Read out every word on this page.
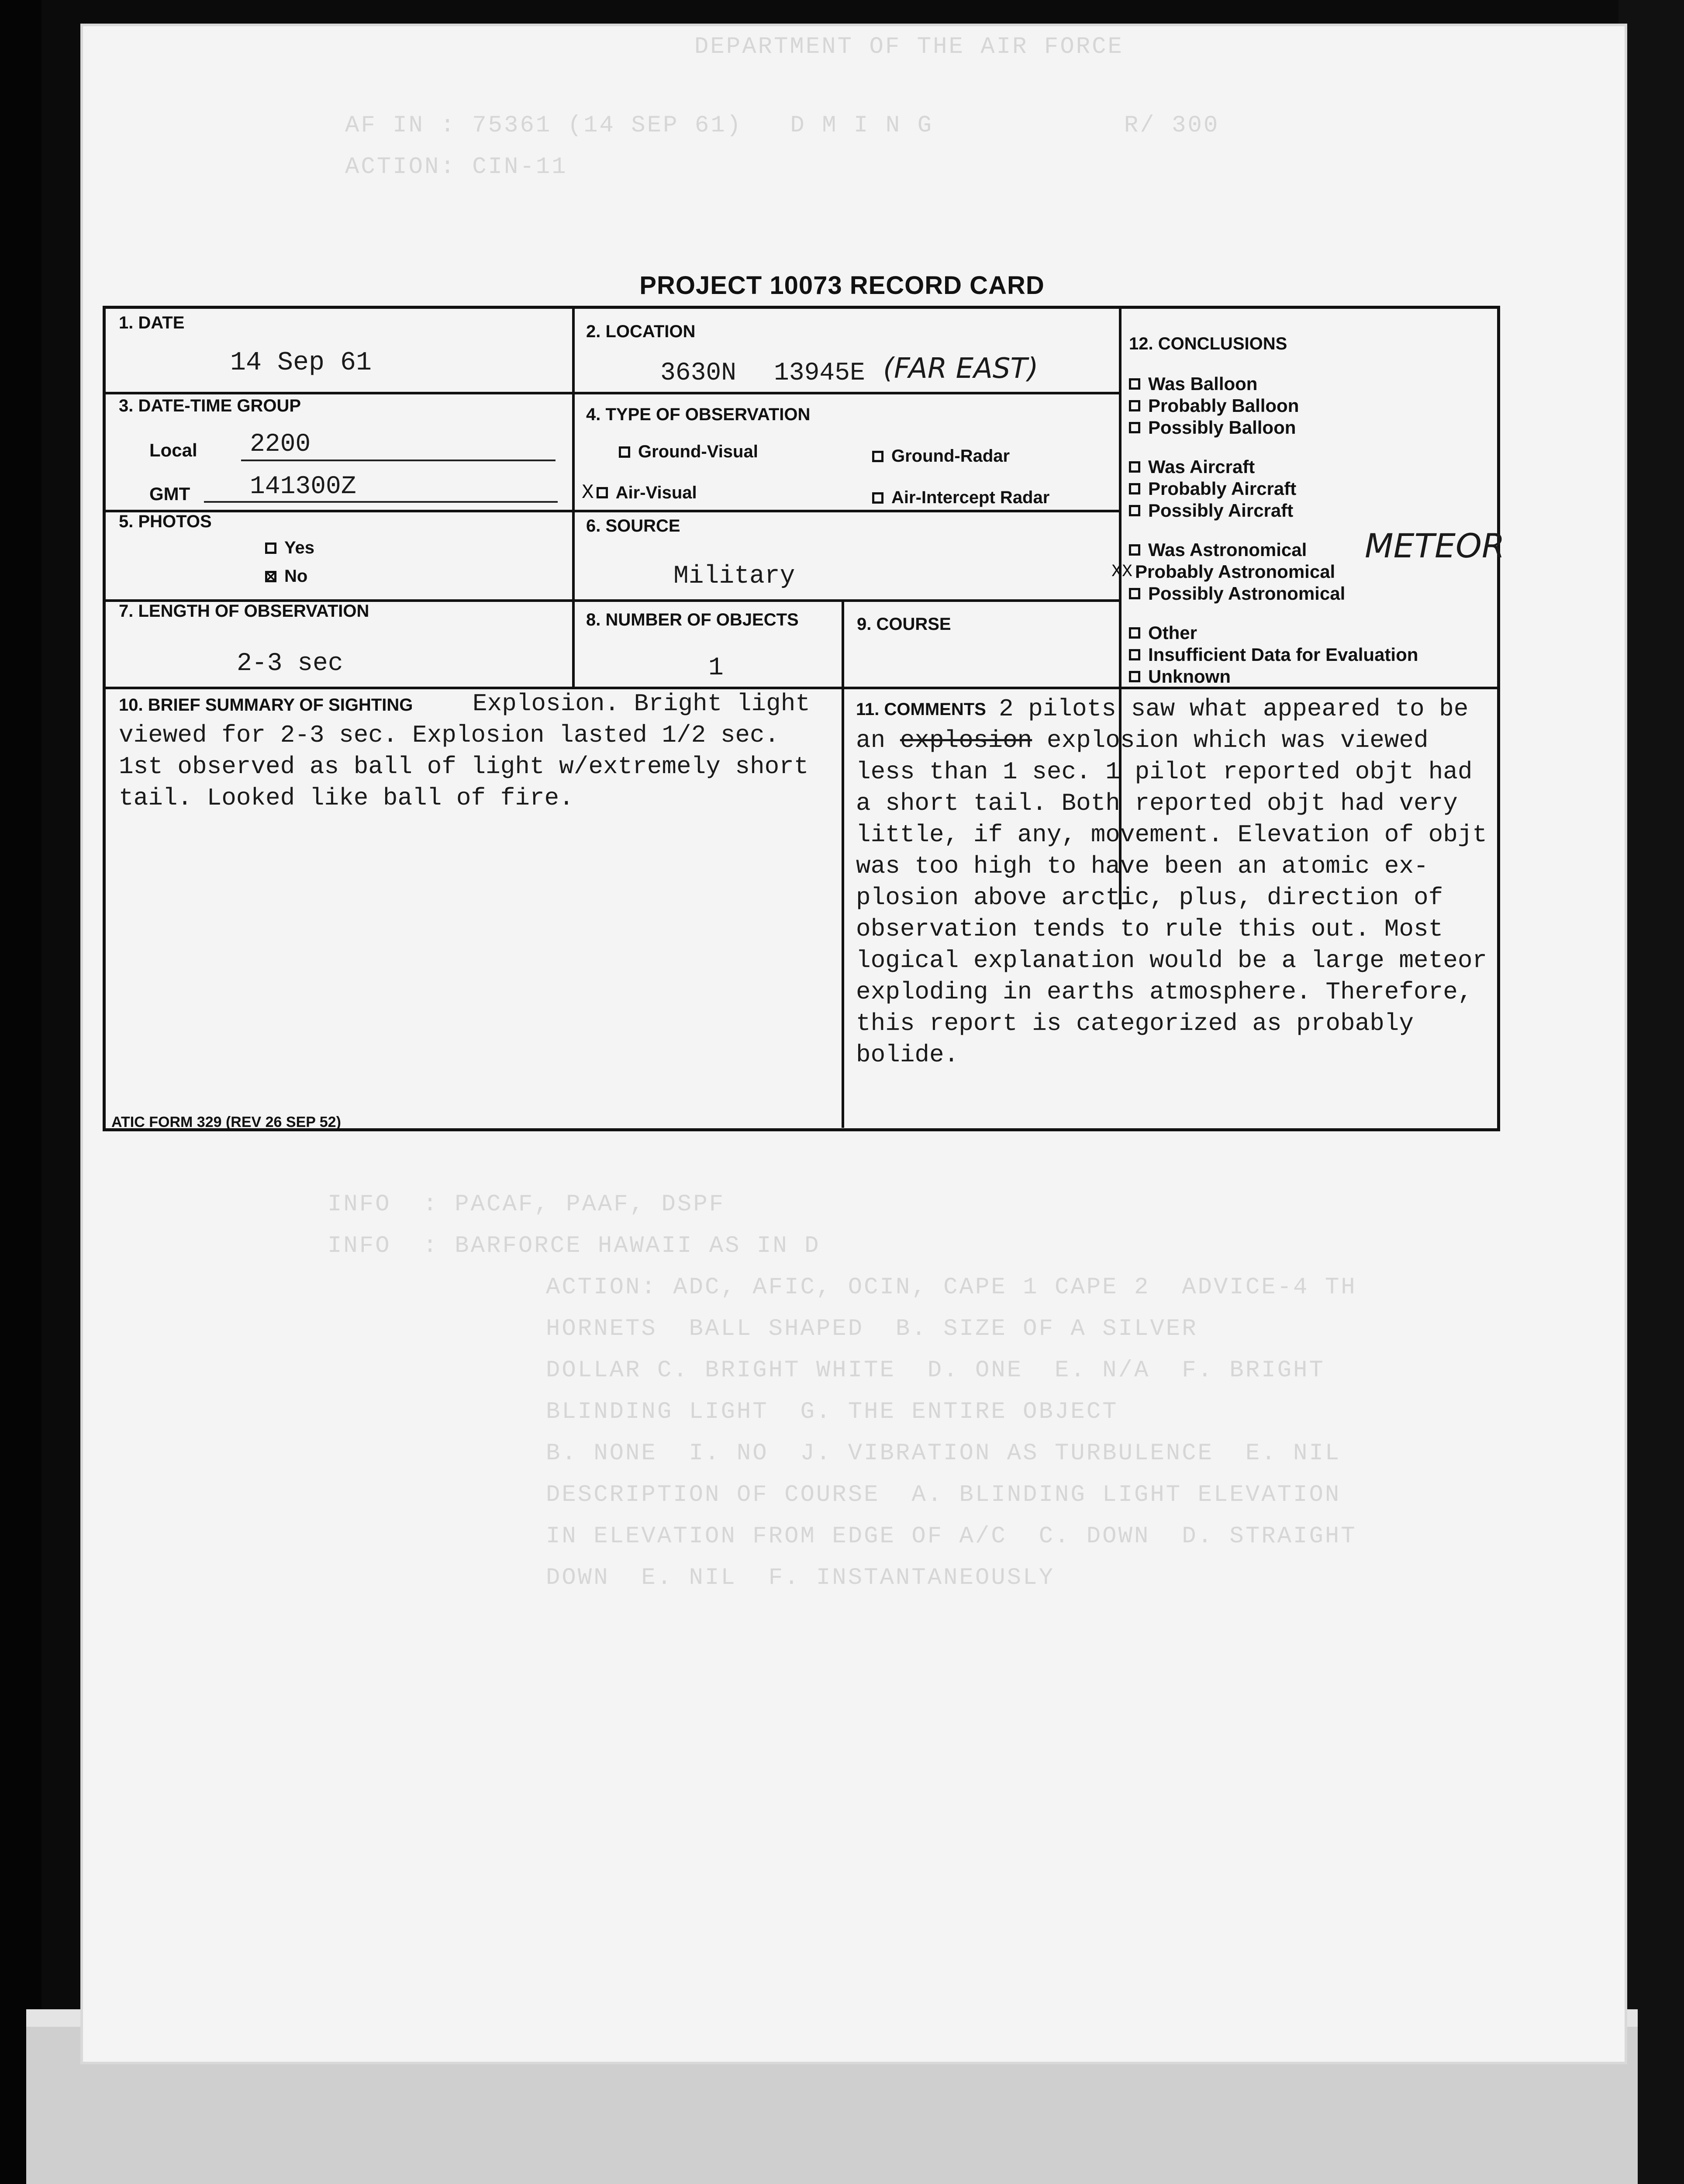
DEPARTMENT OF THE AIR FORCE
AF IN : 75361 (14 SEP 61)   D M I N G            R/ 300
ACTION: CIN-11
INFO  : PACAF, PAAF, DSPF
INFO  : BARFORCE HAWAII AS IN D
ACTION: ADC, AFIC, OCIN, CAPE 1 CAPE 2  ADVICE-4 TH
HORNETS  BALL SHAPED  B. SIZE OF A SILVER
DOLLAR C. BRIGHT WHITE  D. ONE  E. N/A  F. BRIGHT
BLINDING LIGHT  G. THE ENTIRE OBJECT
B. NONE  I. NO  J. VIBRATION AS TURBULENCE  E. NIL
DESCRIPTION OF COURSE  A. BLINDING LIGHT ELEVATION
IN ELEVATION FROM EDGE OF A/C  C. DOWN  D. STRAIGHT
DOWN  E. NIL  F. INSTANTANEOUSLY
PROJECT 10073 RECORD CARD
1. DATE
14 Sep 61
2. LOCATION
3630N 13945E (FAR EAST)
3. DATE-TIME GROUP
Local 2200
GMT 141300Z
4. TYPE OF OBSERVATION
Ground-Visual	Ground-Radar
X Air-Visual	Air-Intercept Radar
5. PHOTOS
Yes
No
6. SOURCE
Military
7. LENGTH OF OBSERVATION
2-3 sec
8. NUMBER OF OBJECTS
1
9. COURSE
10. BRIEF SUMMARY OF SIGHTING Explosion. Bright light
viewed for 2-3 sec. Explosion lasted 1/2 sec.
1st observed as ball of light w/extremely short
tail. Looked like ball of fire.
11. COMMENTS 2 pilots saw what appeared to be
an explosion explosion which was viewed
less than 1 sec. 1 pilot reported objt had
a short tail. Both reported objt had very
little, if any, movement. Elevation of objt
was too high to have been an atomic ex-
plosion above arctic, plus, direction of
observation tends to rule this out. Most
logical explanation would be a large meteor
exploding in earths atmosphere. Therefore,
this report is categorized as probably
bolide.
12. CONCLUSIONS
Was Balloon
Probably Balloon
Possibly Balloon
Was Aircraft
Probably Aircraft
Possibly Aircraft
Was Astronomical METEOR
XX Probably Astronomical
Possibly Astronomical
Other
Insufficient Data for Evaluation
Unknown
ATIC FORM 329 (REV 26 SEP 52)
